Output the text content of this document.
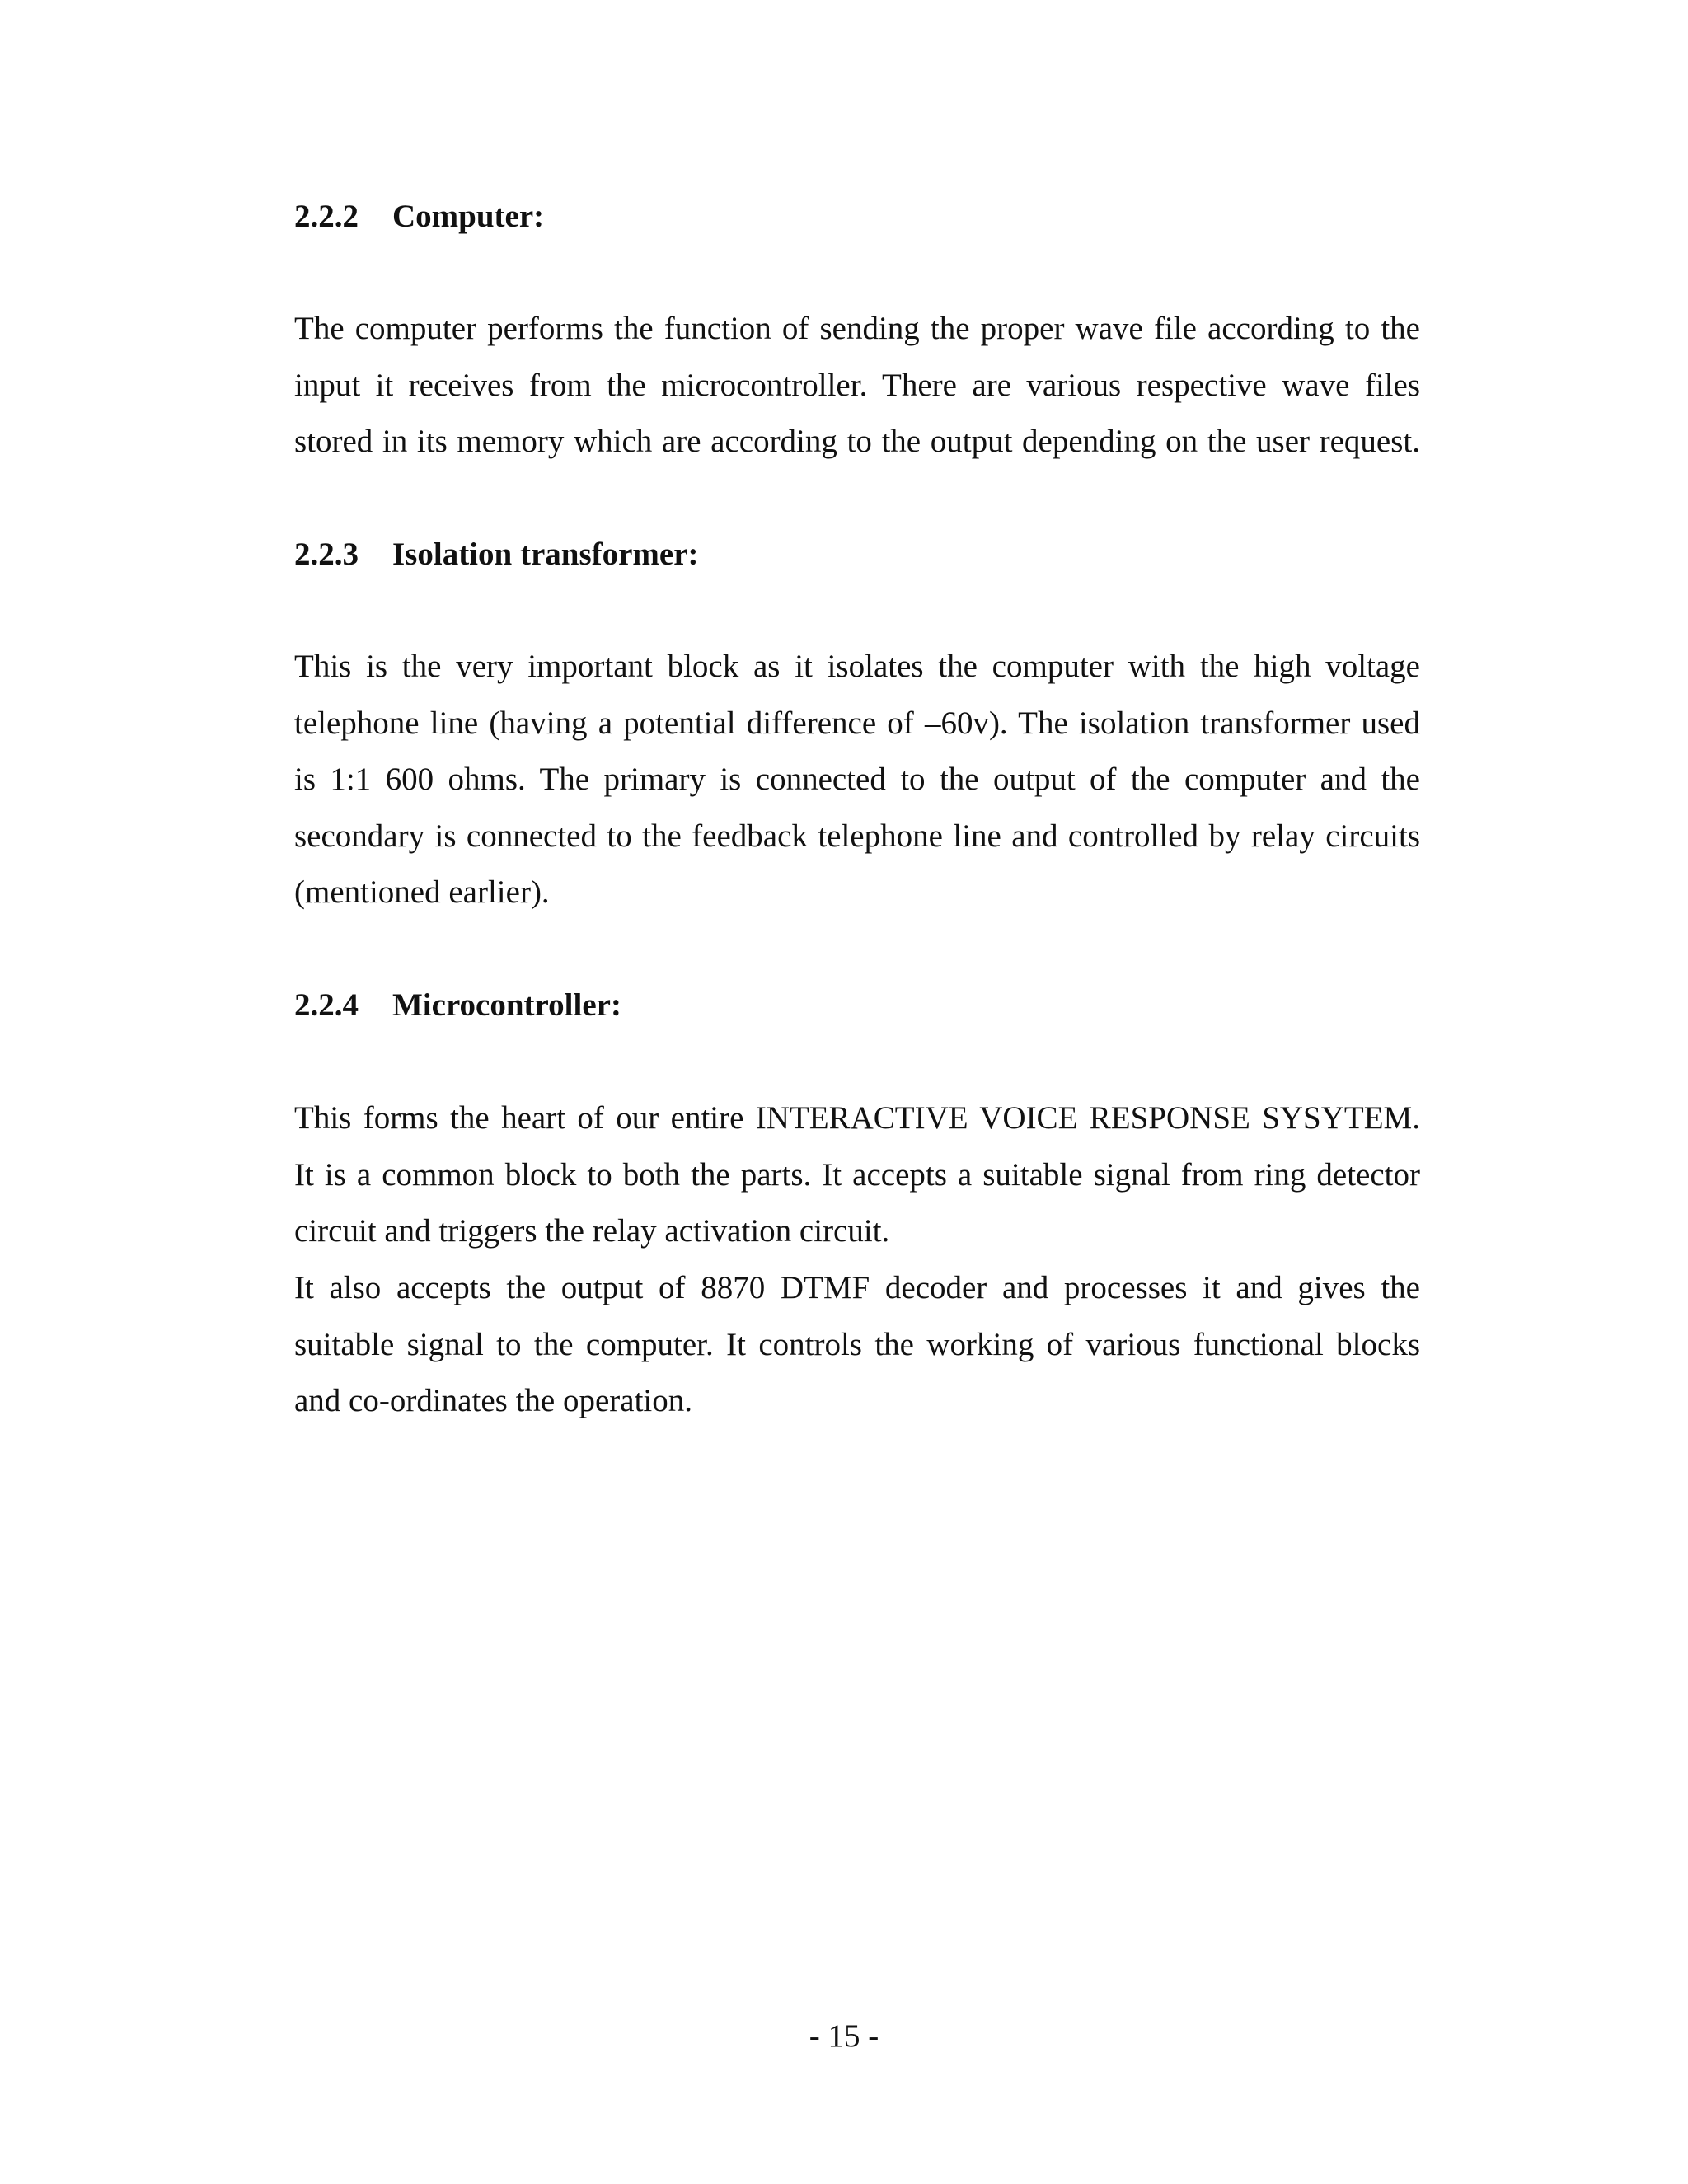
2.2.2 Computer:

The computer performs the function of sending the proper wave file according to the
input it receives from the microcontroller. There are various respective wave files
stored in its memory which are according to the output depending on the user request.

2.2.3 Isolation transformer:

This is the very important block as it isolates the computer with the high voltage
telephone line (having a potential difference of –60v). The isolation transformer used
is 1:1 600 ohms. The primary is connected to the output of the computer and the
secondary is connected to the feedback telephone line and controlled by relay circuits
(mentioned earlier).

2.2.4 Microcontroller:

This forms the heart of our entire INTERACTIVE VOICE RESPONSE SYSYTEM.
It is a common block to both the parts. It accepts a suitable signal from ring detector
circuit and triggers the relay activation circuit.

It also accepts the output of 8870 DTMF decoder and processes it and gives the
suitable signal to the computer. It controls the working of various functional blocks
and co-ordinates the operation.

- 15 -
